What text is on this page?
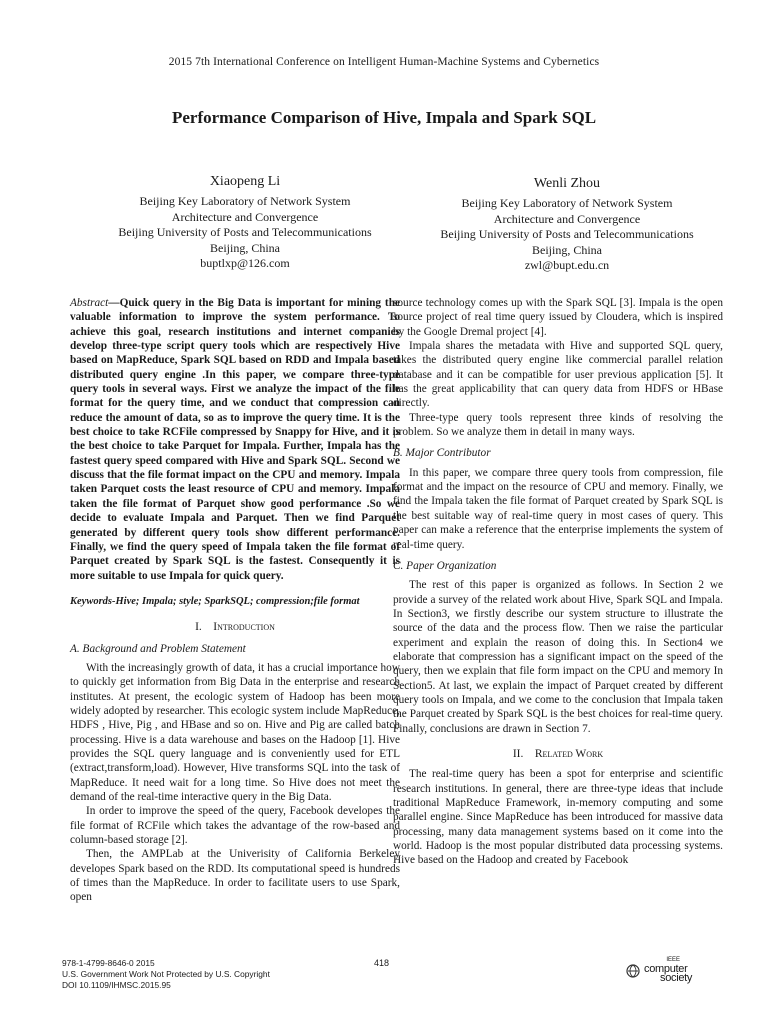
2015 7th International Conference on Intelligent Human-Machine Systems and Cybernetics
Performance Comparison of Hive, Impala and Spark SQL
Xiaopeng Li
Beijing Key Laboratory of Network System
Architecture and Convergence
Beijing University of Posts and Telecommunications
Beijing, China
buptlxp@126.com
Wenli Zhou
Beijing Key Laboratory of Network System
Architecture and Convergence
Beijing University of Posts and Telecommunications
Beijing, China
zwl@bupt.edu.cn

Abstract—Quick query in the Big Data is important for mining the valuable information to improve the system performance. To achieve this goal, research institutions and internet companies develop three-type script query tools which are respectively Hive based on MapReduce, Spark SQL based on RDD and Impala based distributed query engine .In this paper, we compare three-type query tools in several ways. First we analyze the impact of the file format for the query time, and we conduct that compression can reduce the amount of data, so as to improve the query time. It is the best choice to take RCFile compressed by Snappy for Hive, and it is the best choice to take Parquet for Impala. Further, Impala has the fastest query speed compared with Hive and Spark SQL. Second we discuss that the file format impact on the CPU and memory. Impala taken Parquet costs the least resource of CPU and memory. Impala taken the file format of Parquet show good performance .So we decide to evaluate Impala and Parquet. Then we find Parquet generated by different query tools show different performance. Finally, we find the query speed of Impala taken the file format of Parquet created by Spark SQL is the fastest. Consequently it is more suitable to use Impala for quick query.

Keywords-Hive; Impala; style; SparkSQL; compression;file format

I. Introduction
A. Background and Problem Statement

With the increasingly growth of data, it has a crucial importance how to quickly get information from Big Data in the enterprise and research institutes. At present, the ecologic system of Hadoop has been more widely adopted by researcher. This ecologic system include MapReduce, HDFS , Hive, Pig , and HBase and so on. Hive and Pig are called batch processing. Hive is a data warehouse and bases on the Hadoop [1]. Hive provides the SQL query language and is conveniently used for ETL (extract,transform,load). However, Hive transforms SQL into the task of MapReduce. It need wait for a long time. So Hive does not meet the demand of the real-time interactive query in the Big Data.

In order to improve the speed of the query, Facebook developes the file format of RCFile which takes the advantage of the row-based and column-based storage [2].

Then, the AMPLab at the Univerisity of California Berkeley developes Spark based on the RDD. Its computational speed is hundreds of times than the MapReduce. In order to facilitate users to use Spark, open

source technology comes up with the Spark SQL [3]. Impala is the open source project of real time query issued by Cloudera, which is inspired by the Google Dremal project [4].

Impala shares the metadata with Hive and supported SQL query, takes the distributed query engine like commercial parallel relation database and it can be compatible for user previous application [5]. It has the great applicability that can query data from HDFS or HBase directly.

Three-type query tools represent three kinds of resolving the problem. So we analyze them in detail in many ways.

B. Major Contributor

In this paper, we compare three query tools from compression, file format and the impact on the resource of CPU and memory. Finally, we find the Impala taken the file format of Parquet created by Spark SQL is the best suitable way of real-time query in most cases of query. This paper can make a reference that the enterprise implements the system of real-time query.

C. Paper Organization

The rest of this paper is organized as follows. In Section 2 we provide a survey of the related work about Hive, Spark SQL and Impala. In Section3, we firstly describe our system structure to illustrate the source of the data and the process flow. Then we raise the particular experiment and explain the reason of doing this. In Section4 we elaborate that compression has a significant impact on the speed of the query, then we explain that file form impact on the CPU and memory In Section5. At last, we explain the impact of Parquet created by different query tools on Impala, and we come to the conclusion that Impala taken the Parquet created by Spark SQL is the best choices for real-time query. Finally, conclusions are drawn in Section 7.

II. Related Work

The real-time query has been a spot for enterprise and scientific research institutions. In general, there are three-type ideas that include traditional MapReduce Framework, in-memory computing and some parallel engine. Since MapReduce has been introduced for massive data processing, many data management systems based on it come into the world. Hadoop is the most popular distributed data processing systems. Hive based on the Hadoop and created by Facebook

978-1-4799-8646-0 2015
U.S. Government Work Not Protected by U.S. Copyright
DOI 10.1109/IHMSC.2015.95
418	IEEE
computer
society
